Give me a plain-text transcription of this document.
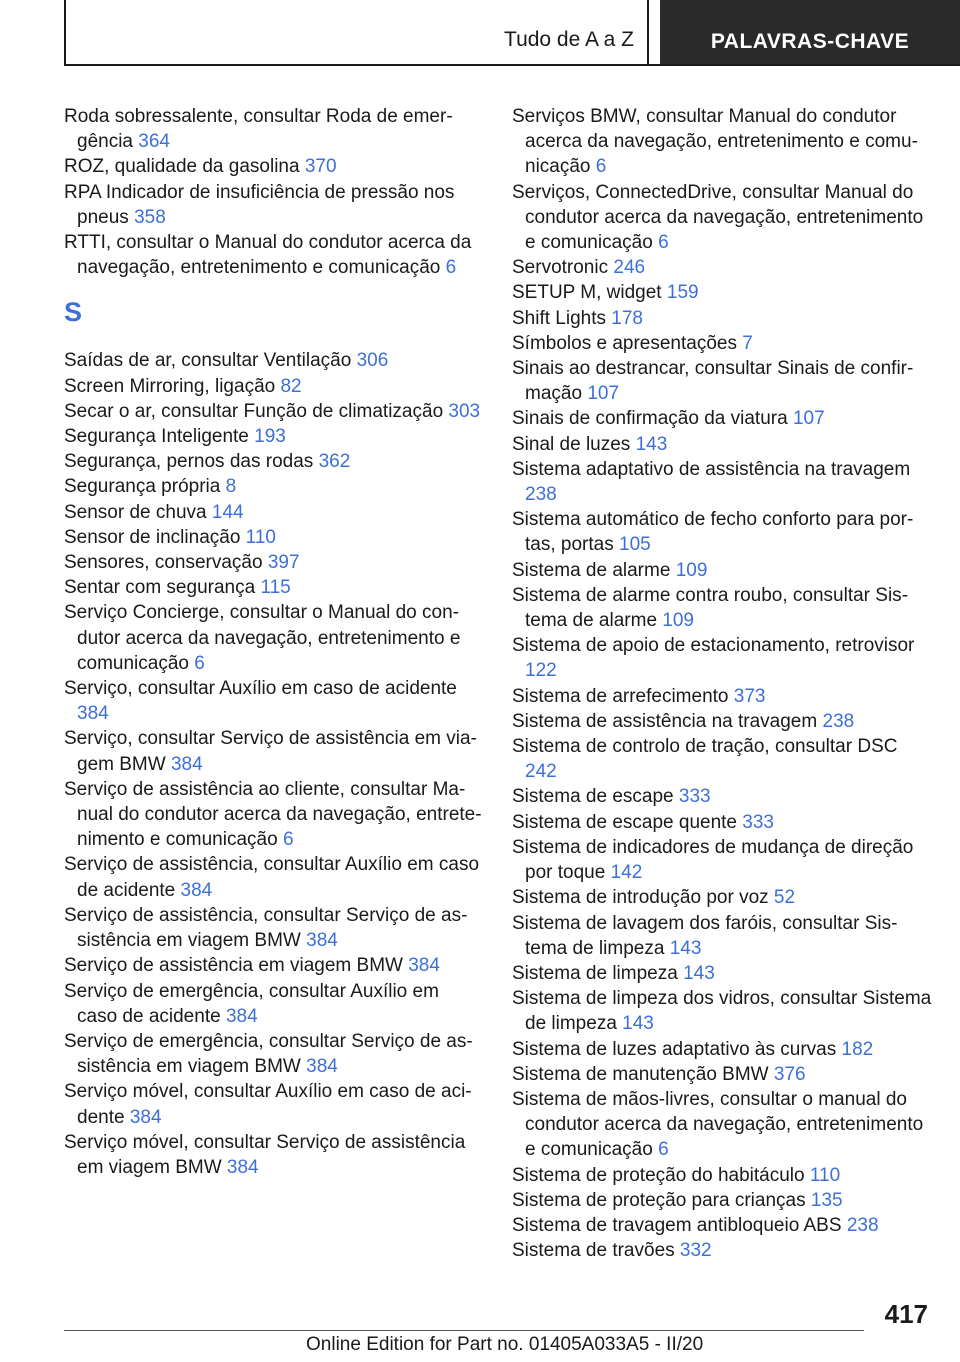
Tudo de A a Z	PALAVRAS-CHAVE
Roda sobressalente, consultar Roda de emergência 364
ROZ, qualidade da gasolina 370
RPA Indicador de insuficiência de pressão nos pneus 358
RTTI, consultar o Manual do condutor acerca da navegação, entretenimento e comunicação 6
S
Saídas de ar, consultar Ventilação 306
Screen Mirroring, ligação 82
Secar o ar, consultar Função de climatização 303
Segurança Inteligente 193
Segurança, pernos das rodas 362
Segurança própria 8
Sensor de chuva 144
Sensor de inclinação 110
Sensores, conservação 397
Sentar com segurança 115
Serviço Concierge, consultar o Manual do condutor acerca da navegação, entretenimento e comunicação 6
Serviço, consultar Auxílio em caso de acidente 384
Serviço, consultar Serviço de assistência em viagem BMW 384
Serviço de assistência ao cliente, consultar Manual do condutor acerca da navegação, entretenimento e comunicação 6
Serviço de assistência, consultar Auxílio em caso de acidente 384
Serviço de assistência, consultar Serviço de assistência em viagem BMW 384
Serviço de assistência em viagem BMW 384
Serviço de emergência, consultar Auxílio em caso de acidente 384
Serviço de emergência, consultar Serviço de assistência em viagem BMW 384
Serviço móvel, consultar Auxílio em caso de acidente 384
Serviço móvel, consultar Serviço de assistência em viagem BMW 384
Serviços BMW, consultar Manual do condutor acerca da navegação, entretenimento e comunicação 6
Serviços, ConnectedDrive, consultar Manual do condutor acerca da navegação, entretenimento e comunicação 6
Servotronic 246
SETUP M, widget 159
Shift Lights 178
Símbolos e apresentações 7
Sinais ao destrancar, consultar Sinais de confirmação 107
Sinais de confirmação da viatura 107
Sinal de luzes 143
Sistema adaptativo de assistência na travagem 238
Sistema automático de fecho conforto para portas, portas 105
Sistema de alarme 109
Sistema de alarme contra roubo, consultar Sistema de alarme 109
Sistema de apoio de estacionamento, retrovisor 122
Sistema de arrefecimento 373
Sistema de assistência na travagem 238
Sistema de controlo de tração, consultar DSC 242
Sistema de escape 333
Sistema de escape quente 333
Sistema de indicadores de mudança de direção por toque 142
Sistema de introdução por voz 52
Sistema de lavagem dos faróis, consultar Sistema de limpeza 143
Sistema de limpeza 143
Sistema de limpeza dos vidros, consultar Sistema de limpeza 143
Sistema de luzes adaptativo às curvas 182
Sistema de manutenção BMW 376
Sistema de mãos-livres, consultar o manual do condutor acerca da navegação, entretenimento e comunicação 6
Sistema de proteção do habitáculo 110
Sistema de proteção para crianças 135
Sistema de travagem antibloqueio ABS 238
Sistema de travões 332
417
Online Edition for Part no. 01405A033A5 - II/20
